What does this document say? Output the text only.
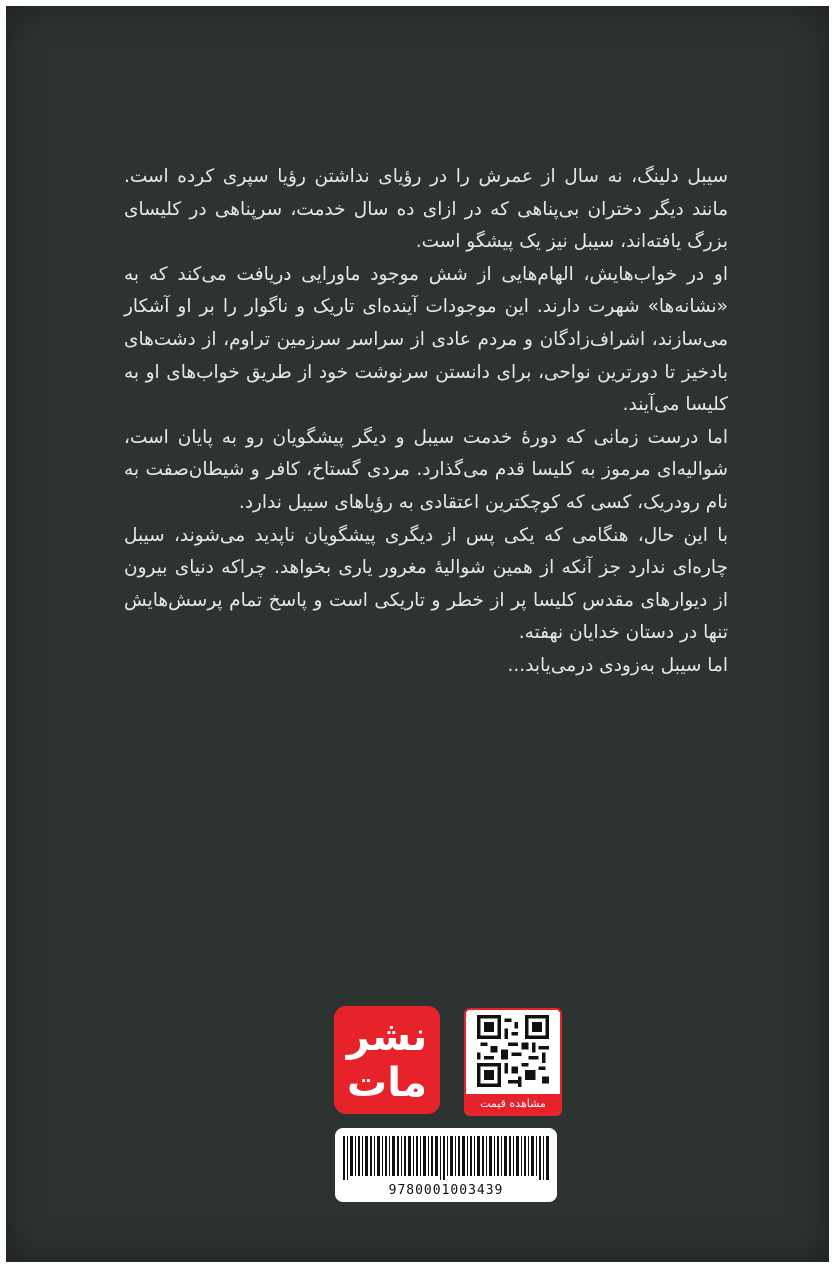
سیبل دلینگ، نه سال از عمرش را در رؤیای نداشتن رؤیا سپری کرده است. مانند دیگر دختران بی‌پناهی که در ازای ده سال خدمت، سرپناهی در کلیسای بزرگ یافته‌اند، سیبل نیز یک پیشگو است.

او در خواب‌هایش، الهام‌هایی از شش موجود ماورایی دریافت می‌کند که به «نشانه‌ها» شهرت دارند. این موجودات آینده‌ای تاریک و ناگوار را بر او آشکار می‌سازند، اشراف‌زادگان و مردم عادی از سراسر سرزمین تراوم، از دشت‌های بادخیز تا دورترین نواحی، برای دانستن سرنوشت خود از طریق خواب‌های او به کلیسا می‌آیند.

اما درست زمانی که دورهٔ خدمت سیبل و دیگر پیشگویان رو به پایان است، شوالیه‌ای مرموز به کلیسا قدم می‌گذارد. مردی گستاخ، کافر و شیطان‌صفت به نام رودریک، کسی که کوچکترین اعتقادی به رؤیاهای سیبل ندارد.

با این حال، هنگامی که یکی پس از دیگری پیشگویان ناپدید می‌شوند، سیبل چاره‌ای ندارد جز آنکه از همین شوالیهٔ مغرور یاری بخواهد. چراکه دنیای بیرون از دیوارهای مقدس کلیسا پر از خطر و تاریکی است و پاسخ تمام پرسش‌هایش تنها در دستان خدایان نهفته.

اما سیبل به‌زودی درمی‌یابد...

نشر
مات	مشاهده قیمت
9780001003439
